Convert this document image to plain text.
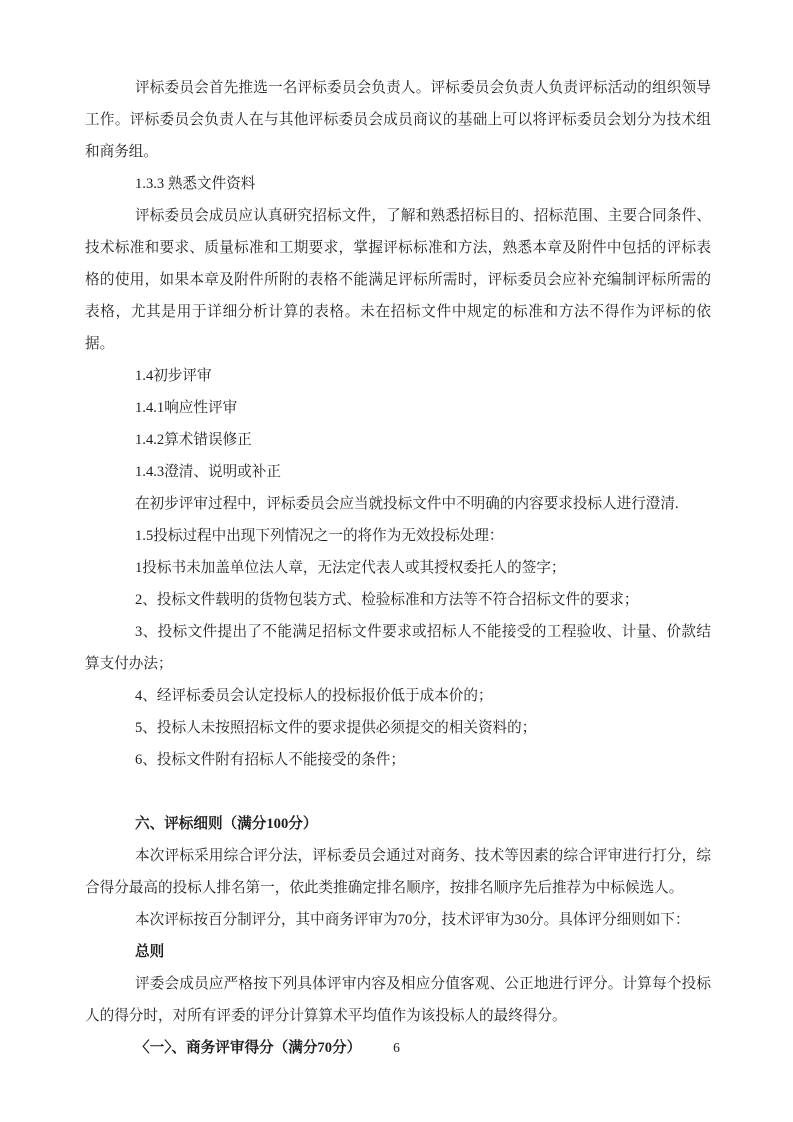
评标委员会首先推选一名评标委员会负责人。评标委员会负责人负责评标活动的组织领导工作。评标委员会负责人在与其他评标委员会成员商议的基础上可以将评标委员会划分为技术组和商务组。

1.3.3 熟悉文件资料

评标委员会成员应认真研究招标文件，了解和熟悉招标目的、招标范围、主要合同条件、技术标准和要求、质量标准和工期要求，掌握评标标准和方法，熟悉本章及附件中包括的评标表格的使用，如果本章及附件所附的表格不能满足评标所需时，评标委员会应补充编制评标所需的表格，尤其是用于详细分析计算的表格。未在招标文件中规定的标准和方法不得作为评标的依据。

1.4初步评审

1.4.1响应性评审

1.4.2算术错误修正

1.4.3澄清、说明或补正

在初步评审过程中，评标委员会应当就投标文件中不明确的内容要求投标人进行澄清.

1.5投标过程中出现下列情况之一的将作为无效投标处理：

1投标书未加盖单位法人章，无法定代表人或其授权委托人的签字；

2、投标文件载明的货物包装方式、检验标准和方法等不符合招标文件的要求；

3、投标文件提出了不能满足招标文件要求或招标人不能接受的工程验收、计量、价款结算支付办法；

4、经评标委员会认定投标人的投标报价低于成本价的；

5、投标人未按照招标文件的要求提供必须提交的相关资料的；

6、投标文件附有招标人不能接受的条件；

六、评标细则（满分100分）

本次评标采用综合评分法，评标委员会通过对商务、技术等因素的综合评审进行打分，综合得分最高的投标人排名第一，依此类推确定排名顺序，按排名顺序先后推荐为中标候选人。

本次评标按百分制评分，其中商务评审为70分，技术评审为30分。具体评分细则如下：

总则

评委会成员应严格按下列具体评审内容及相应分值客观、公正地进行评分。计算每个投标人的得分时，对所有评委的评分计算算术平均值作为该投标人的最终得分。

〈一〉、商务评审得分（满分70分）	6
